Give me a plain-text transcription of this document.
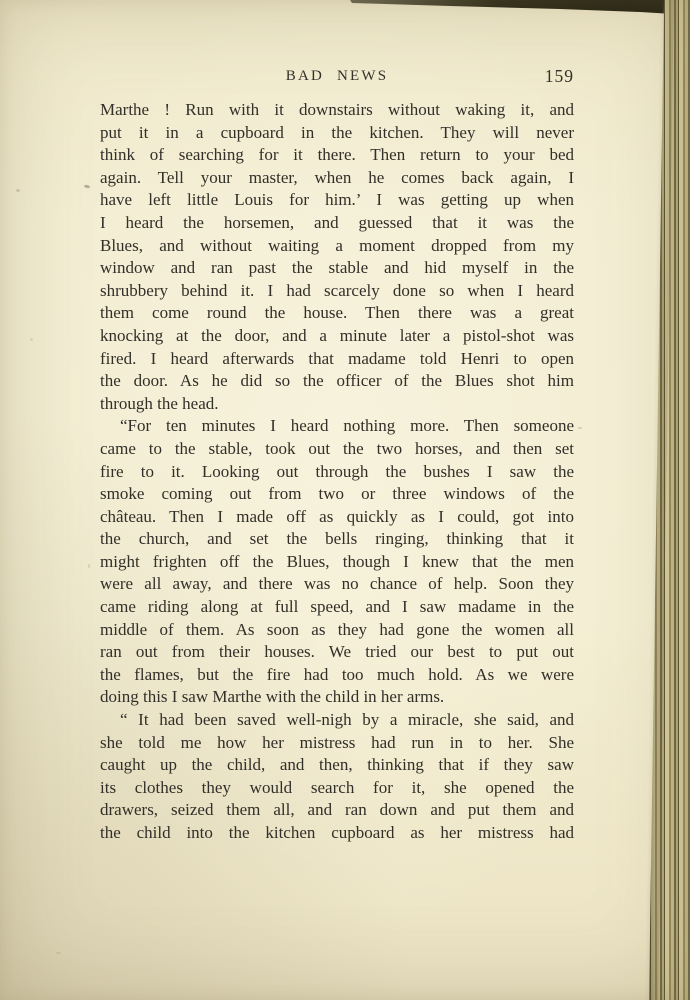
BAD NEWS	159
Marthe ! Run with it downstairs without waking it, and
put it in a cupboard in the kitchen. They will never
think of searching for it there. Then return to your bed
again. Tell your master, when he comes back again, I
have left little Louis for him.’ I was getting up when
I heard the horsemen, and guessed that it was the
Blues, and without waiting a moment dropped from my
window and ran past the stable and hid myself in the
shrubbery behind it. I had scarcely done so when I heard
them come round the house. Then there was a great
knocking at the door, and a minute later a pistol-shot was
fired. I heard afterwards that madame told Henri to open
the door. As he did so the officer of the Blues shot him
through the head.
“For ten minutes I heard nothing more. Then someone
came to the stable, took out the two horses, and then set
fire to it. Looking out through the bushes I saw the
smoke coming out from two or three windows of the
château. Then I made off as quickly as I could, got into
the church, and set the bells ringing, thinking that it
might frighten off the Blues, though I knew that the men
were all away, and there was no chance of help. Soon they
came riding along at full speed, and I saw madame in the
middle of them. As soon as they had gone the women all
ran out from their houses. We tried our best to put out
the flames, but the fire had too much hold. As we were
doing this I saw Marthe with the child in her arms.
“ It had been saved well-nigh by a miracle, she said, and
she told me how her mistress had run in to her. She
caught up the child, and then, thinking that if they saw
its clothes they would search for it, she opened the
drawers, seized them all, and ran down and put them and
the child into the kitchen cupboard as her mistress had
